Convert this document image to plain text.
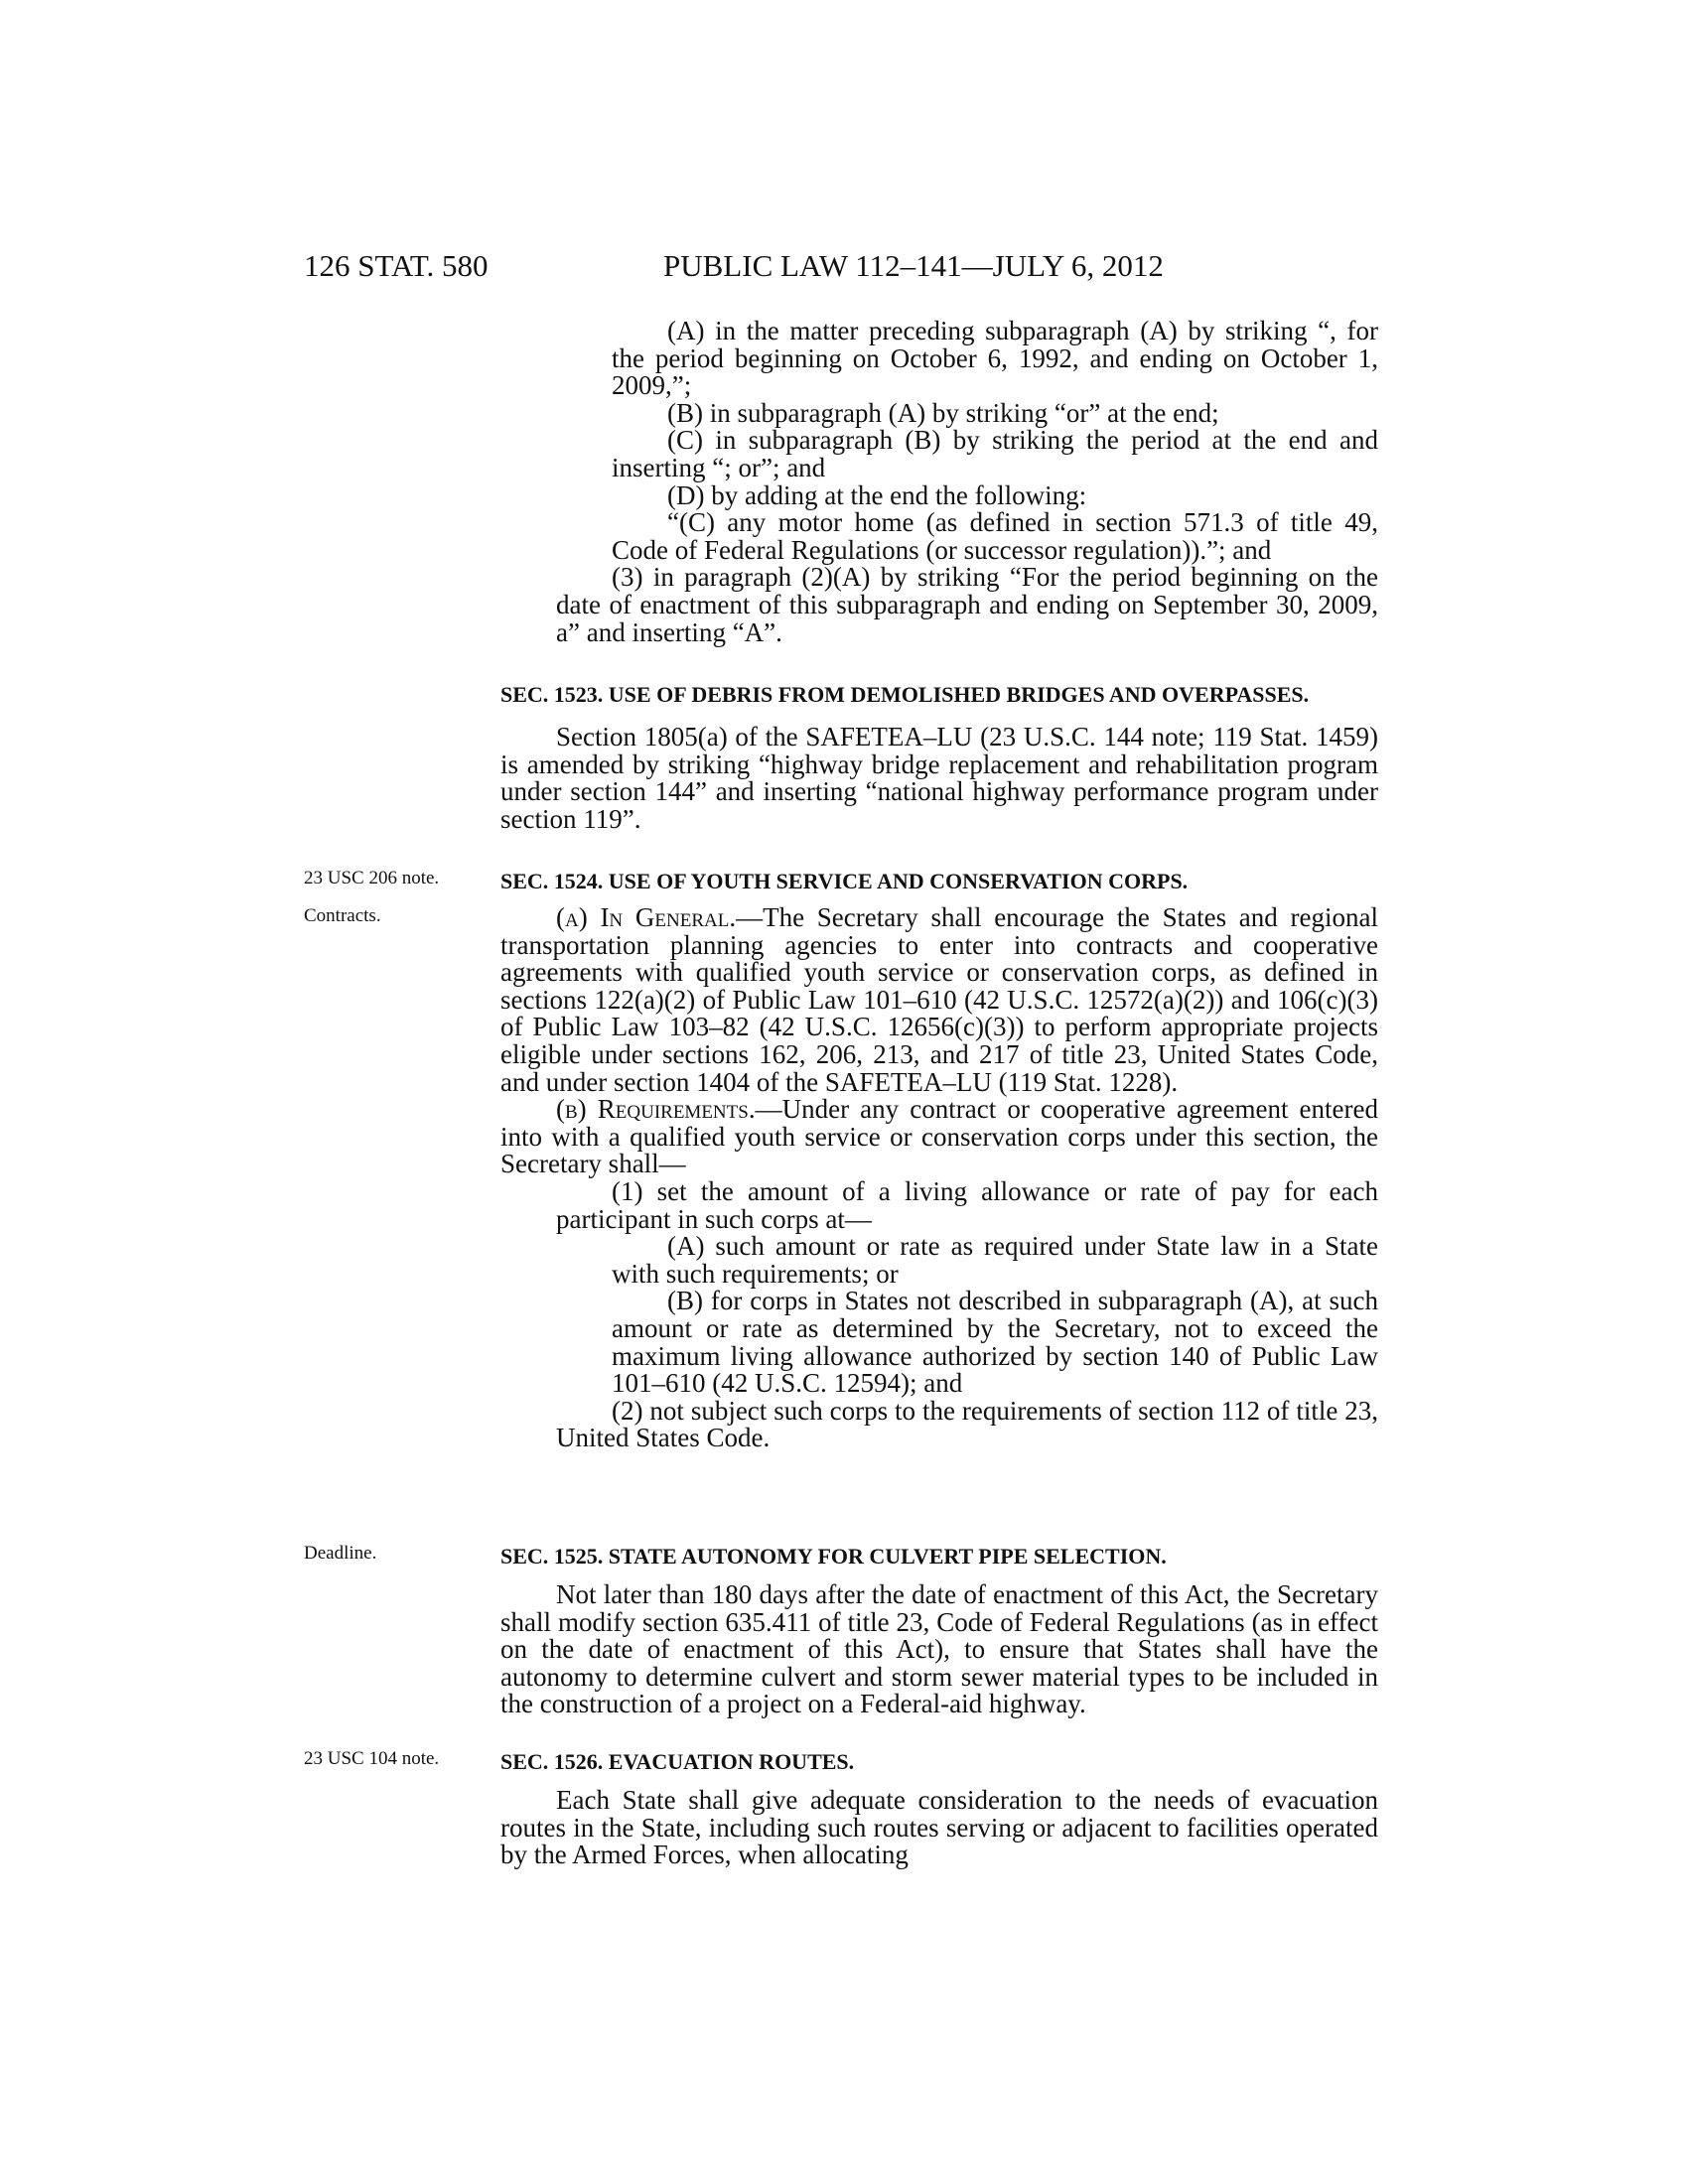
126 STAT. 580	PUBLIC LAW 112–141—JULY 6, 2012
23 USC 206 note.
Contracts.
Deadline.
23 USC 104 note.

(A) in the matter preceding subparagraph (A) by striking “, for the period beginning on October 6, 1992, and ending on October 1, 2009,”;

(B) in subparagraph (A) by striking “or” at the end;

(C) in subparagraph (B) by striking the period at the end and inserting “; or”; and

(D) by adding at the end the following:

“(C) any motor home (as defined in section 571.3 of title 49, Code of Federal Regulations (or successor regulation)).”; and

(3) in paragraph (2)(A) by striking “For the period beginning on the date of enactment of this subparagraph and ending on September 30, 2009, a” and inserting “A”.

SEC. 1523. USE OF DEBRIS FROM DEMOLISHED BRIDGES AND OVERPASSES.

Section 1805(a) of the SAFETEA–LU (23 U.S.C. 144 note; 119 Stat. 1459) is amended by striking “highway bridge replacement and rehabilitation program under section 144” and inserting “national highway performance program under section 119”.

SEC. 1524. USE OF YOUTH SERVICE AND CONSERVATION CORPS.

(a) In General.—The Secretary shall encourage the States and regional transportation planning agencies to enter into contracts and cooperative agreements with qualified youth service or conservation corps, as defined in sections 122(a)(2) of Public Law 101–610 (42 U.S.C. 12572(a)(2)) and 106(c)(3) of Public Law 103–82 (42 U.S.C. 12656(c)(3)) to perform appropriate projects eligible under sections 162, 206, 213, and 217 of title 23, United States Code, and under section 1404 of the SAFETEA–LU (119 Stat. 1228).

(b) Requirements.—Under any contract or cooperative agreement entered into with a qualified youth service or conservation corps under this section, the Secretary shall—

(1) set the amount of a living allowance or rate of pay for each participant in such corps at—

(A) such amount or rate as required under State law in a State with such requirements; or

(B) for corps in States not described in subparagraph (A), at such amount or rate as determined by the Secretary, not to exceed the maximum living allowance authorized by section 140 of Public Law 101–610 (42 U.S.C. 12594); and

(2) not subject such corps to the requirements of section 112 of title 23, United States Code.

SEC. 1525. STATE AUTONOMY FOR CULVERT PIPE SELECTION.

Not later than 180 days after the date of enactment of this Act, the Secretary shall modify section 635.411 of title 23, Code of Federal Regulations (as in effect on the date of enactment of this Act), to ensure that States shall have the autonomy to determine culvert and storm sewer material types to be included in the construction of a project on a Federal-aid highway.

SEC. 1526. EVACUATION ROUTES.

Each State shall give adequate consideration to the needs of evacuation routes in the State, including such routes serving or adjacent to facilities operated by the Armed Forces, when allocating
